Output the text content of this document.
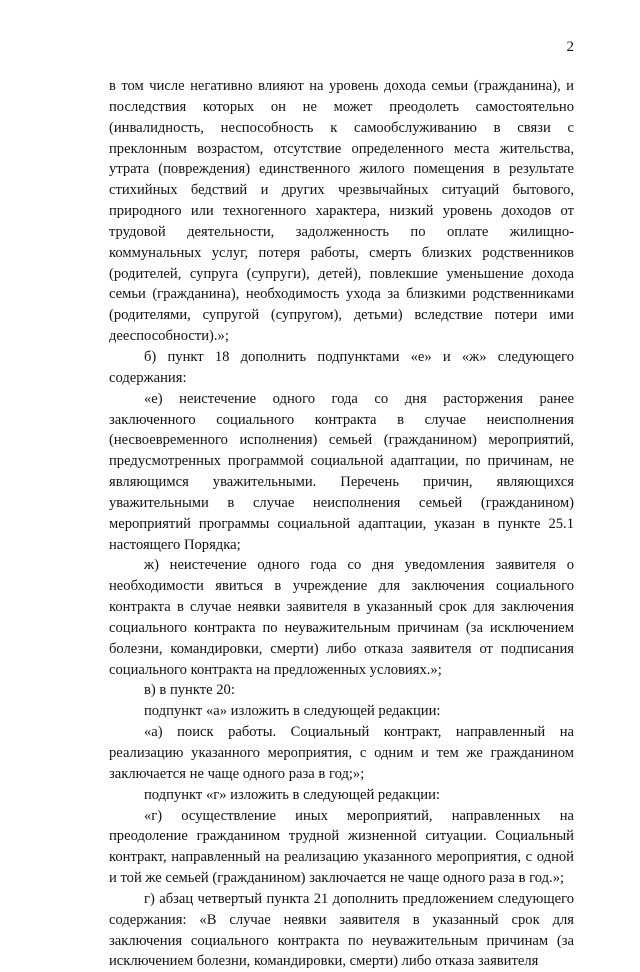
2

в том числе негативно влияют на уровень дохода семьи (гражданина), и последствия которых он не может преодолеть самостоятельно (инвалидность, неспособность к самообслуживанию в связи с преклонным возрастом, отсутствие определенного места жительства, утрата (повреждения) единственного жилого помещения в результате стихийных бедствий и других чрезвычайных ситуаций бытового, природного или техногенного характера, низкий уровень доходов от трудовой деятельности, задолженность по оплате жилищно-коммунальных услуг, потеря работы, смерть близких родственников (родителей, супруга (супруги), детей), повлекшие уменьшение дохода семьи (гражданина), необходимость ухода за близкими родственниками (родителями, супругой (супругом), детьми) вследствие потери ими дееспособности).»;

б) пункт 18 дополнить подпунктами «е» и «ж» следующего содержания:

«е) неистечение одного года со дня расторжения ранее заключенного социального контракта в случае неисполнения (несвоевременного исполнения) семьей (гражданином) мероприятий, предусмотренных программой социальной адаптации, по причинам, не являющимся уважительными. Перечень причин, являющихся уважительными в случае неисполнения семьей (гражданином) мероприятий программы социальной адаптации, указан в пункте 25.1 настоящего Порядка;

ж) неистечение одного года со дня уведомления заявителя о необходимости явиться в учреждение для заключения социального контракта в случае неявки заявителя в указанный срок для заключения социального контракта по неуважительным причинам (за исключением болезни, командировки, смерти) либо отказа заявителя от подписания социального контракта на предложенных условиях.»;

в) в пункте 20:

подпункт «а» изложить в следующей редакции:

«а) поиск работы. Социальный контракт, направленный на реализацию указанного мероприятия, с одним и тем же гражданином заключается не чаще одного раза в год;»;

подпункт «г» изложить в следующей редакции:

«г) осуществление иных мероприятий, направленных на преодоление гражданином трудной жизненной ситуации. Социальный контракт, направленный на реализацию указанного мероприятия, с одной и той же семьей (гражданином) заключается не чаще одного раза в год.»;

г) абзац четвертый пункта 21 дополнить предложением следующего содержания: «В случае неявки заявителя в указанный срок для заключения социального контракта по неуважительным причинам (за исключением болезни, командировки, смерти) либо отказа заявителя
